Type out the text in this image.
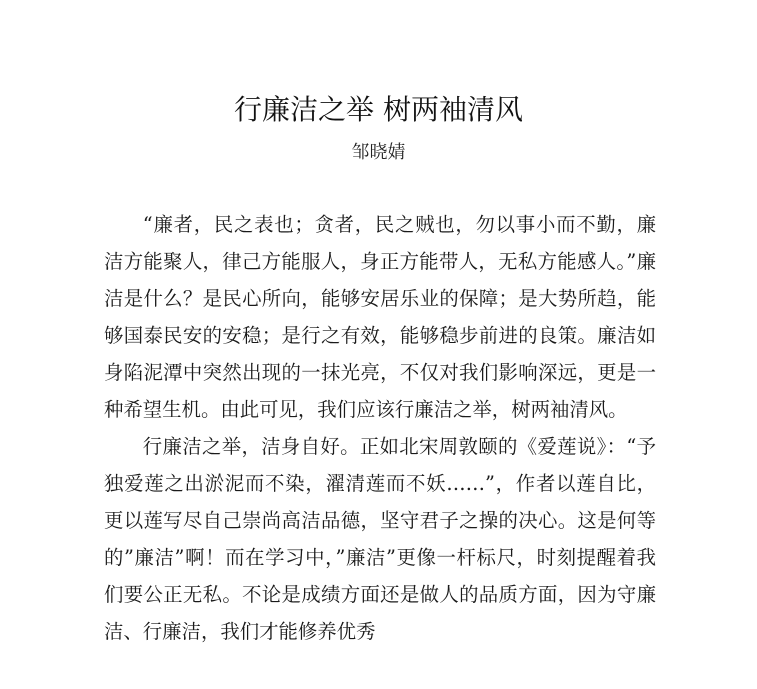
行廉洁之举 树两袖清风
邹晓婧

“廉者，民之表也；贪者，民之贼也，勿以事小而不勤，廉洁方能聚人，律己方能服人，身正方能带人，无私方能感人。”廉洁是什么？是民心所向，能够安居乐业的保障；是大势所趋，能够国泰民安的安稳；是行之有效，能够稳步前进的良策。廉洁如身陷泥潭中突然出现的一抹光亮，不仅对我们影响深远，更是一种希望生机。由此可见，我们应该行廉洁之举，树两袖清风。

行廉洁之举，洁身自好。正如北宋周敦颐的《爱莲说》：“予独爱莲之出淤泥而不染，濯清莲而不妖……”，作者以莲自比，更以莲写尽自己崇尚高洁品德，坚守君子之操的决心。这是何等的”廉洁”啊！而在学习中，”廉洁”更像一杆标尺，时刻提醒着我们要公正无私。不论是成绩方面还是做人的品质方面，因为守廉洁、行廉洁，我们才能修养优秀
